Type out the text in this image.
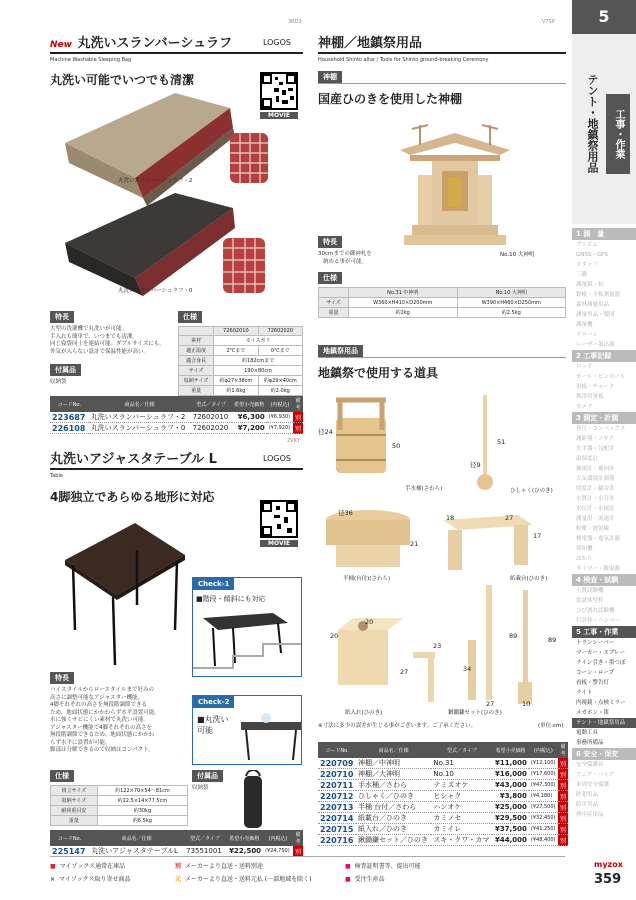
3RD3	V75P
New 丸洗いスランバーシュラフ	LOGOS
Machine Washable Sleeping Bag
丸洗い可能でいつでも清潔
MOVIE
丸洗いスランバーシュラフ・2
丸洗いスランバーシュラフ・0
特長
大型の洗濯機で丸洗いが可能。
手入れも簡単で、いつまでも清潔。
同じ寝袋同士を連結可能。ダブルサイズにも。
外気が入らない設計で保温性能が高い。
付属品
収納袋
仕様
	72602010	72602020
素材	モイスポリ	
適正温度	2℃まで	0℃まで
適合身長	約182cmまで	
サイズ	190×80cm	
収納サイズ	約φ27×38cm	約φ29×40cm
重量	約1.6kg	約2.0kg
コードNo.	商品名／仕様	型式／タイプ	希望小売価格	(内税込)	備考
223687	丸洗いスランバーシュラフ・2	72602010	¥6,300	(¥6,930)	別
226108	丸洗いスランバーシュラフ・0	72602020	¥7,200	(¥7,920)	別
2VKY
丸洗いアジャスタテーブル L	LOGOS
Table
4脚独立であらゆる地形に対応
MOVIE
Check-1
■階段・傾斜にも対応
Check-2
■丸洗い可能
特長
ハイスタイルからロースタイルまで好みの
高さに調整可能なアジャスター機能。
4脚それぞれの高さを無段階調節できる
ため、地面状態にかかわらず水平設置可能。
水に強くサビにくい素材で丸洗い可能。
アジャスター機能で4脚それぞれの高さを
無段階調節できるため、地面状態にかかわ
らず水平に設置が可能。
脚部は分解できるので収納はコンパクト。
仕様
組立サイズ	約122×70×54〜81cm
収納サイズ	約22.5×14×77.5cm
耐荷重目安	約30kg
重量	約6.5kg
付属品
収納袋
コードNo.	商品名／仕様	型式／タイプ	希望小売価格	(内税込)	備考
225147	丸洗いアジャスタテーブルL	73551001	¥22,500	(¥24,750)	別
神棚／地鎮祭用品
Household Shinto altar / Tools for Shinto ground-breaking Ceremony
神棚
国産ひのきを使用した神棚
No.10 大神明
特長
30cmまでの御神札を
納める事が可能。
仕様
	No.31 中神明	No.10 大神明
サイズ	W360×H410×D200mm	W390×H460×D250mm
重量	約2kg	約2.5kg
地鎮祭用品
地鎮祭で使用する道具
径24
50
手水桶(さわら)
51
径9
ひしゃく(ひのき)
径36
21
半桶(台付)(さわら)
18	27
17
紙載台(ひのき)
20
20
27
紙入れ(ひのき)
23
34
89	89
10
27
鍬鋤鎌セット(ひのき)
※寸法に多少の誤差が生じる事がございます。ご了承ください。	(単位:cm)
コードNo.	商品名／仕様	型式／タイプ	希望小売価格	(内税込)	備考
220709	神棚／中神明	No.31	¥11,000	(¥12,100)	別
220710	神棚／大神明	No.10	¥16,000	(¥17,600)	別
220711	手水桶／さわら	テミズオケ	¥43,000	(¥47,300)	別
220712	ひしゃく／ひのき	ヒシャク	¥3,800	(¥4,180)	別
220713	半桶 台付／さわら	ハンオケ	¥25,000	(¥27,500)	別
220714	紙載台／ひのき	カミノセ	¥29,500	(¥32,450)	別
220715	紙入れ／ひのき	カミイレ	¥37,500	(¥41,250)	別
220716	鍬鋤鎌セット／ひのき	スキ・クワ・カマ	¥44,000	(¥48,400)	別
5
テント・地鎮祭用品	工事・作業
1 測　量
プリズム
GNSS・GPS
スタッフ
三脚
測量鋲・杭
野帳・平板測量器
森林測量用品
測量用品・製図
測量機
ドローン
レーザー墨出器
2 工事記録
ロッド
ポール・ピンポール
黒板・チョーク
携帯用黒板
カメラ
3 測定・計測
巻尺・コンベックス
測距器・ノギス
水平器・勾配計
温湿度計
風速計・風向計
大気環境計測器
照度計・騒音計
水質計・水分計
水位計・水深計
測量用・流速計
粉塵・放射線
検電器・電気計器
探知機
はかり
タイマー・数取器
4 検査・試験
土質試験機
供試体型枠
ひび割れ試験機
打診棒・ハンマー
5 工事・作業
トランシーバー
マーカー・スプレー
ライン引き・墨つぼ
コーン・ロープ
看板・警告灯
ライト
内視鏡・点検ミラー
メガホン・笛
テント・地鎮祭用品
電動工具
事務所備品
6 安全・保安
安全保護具
ウェア・バッグ
車両安全保護
防犯用品
防災用品
熱中症用品
■ マイゾックス通常在庫品	別 メーカーより直送・送料別途	■ 検査証明書等、提出可能
× マイゾックス取り寄せ商品	元 メーカーより直送・送料元払 (一部地域を除く)	■ 受注生産品
myzox
359
